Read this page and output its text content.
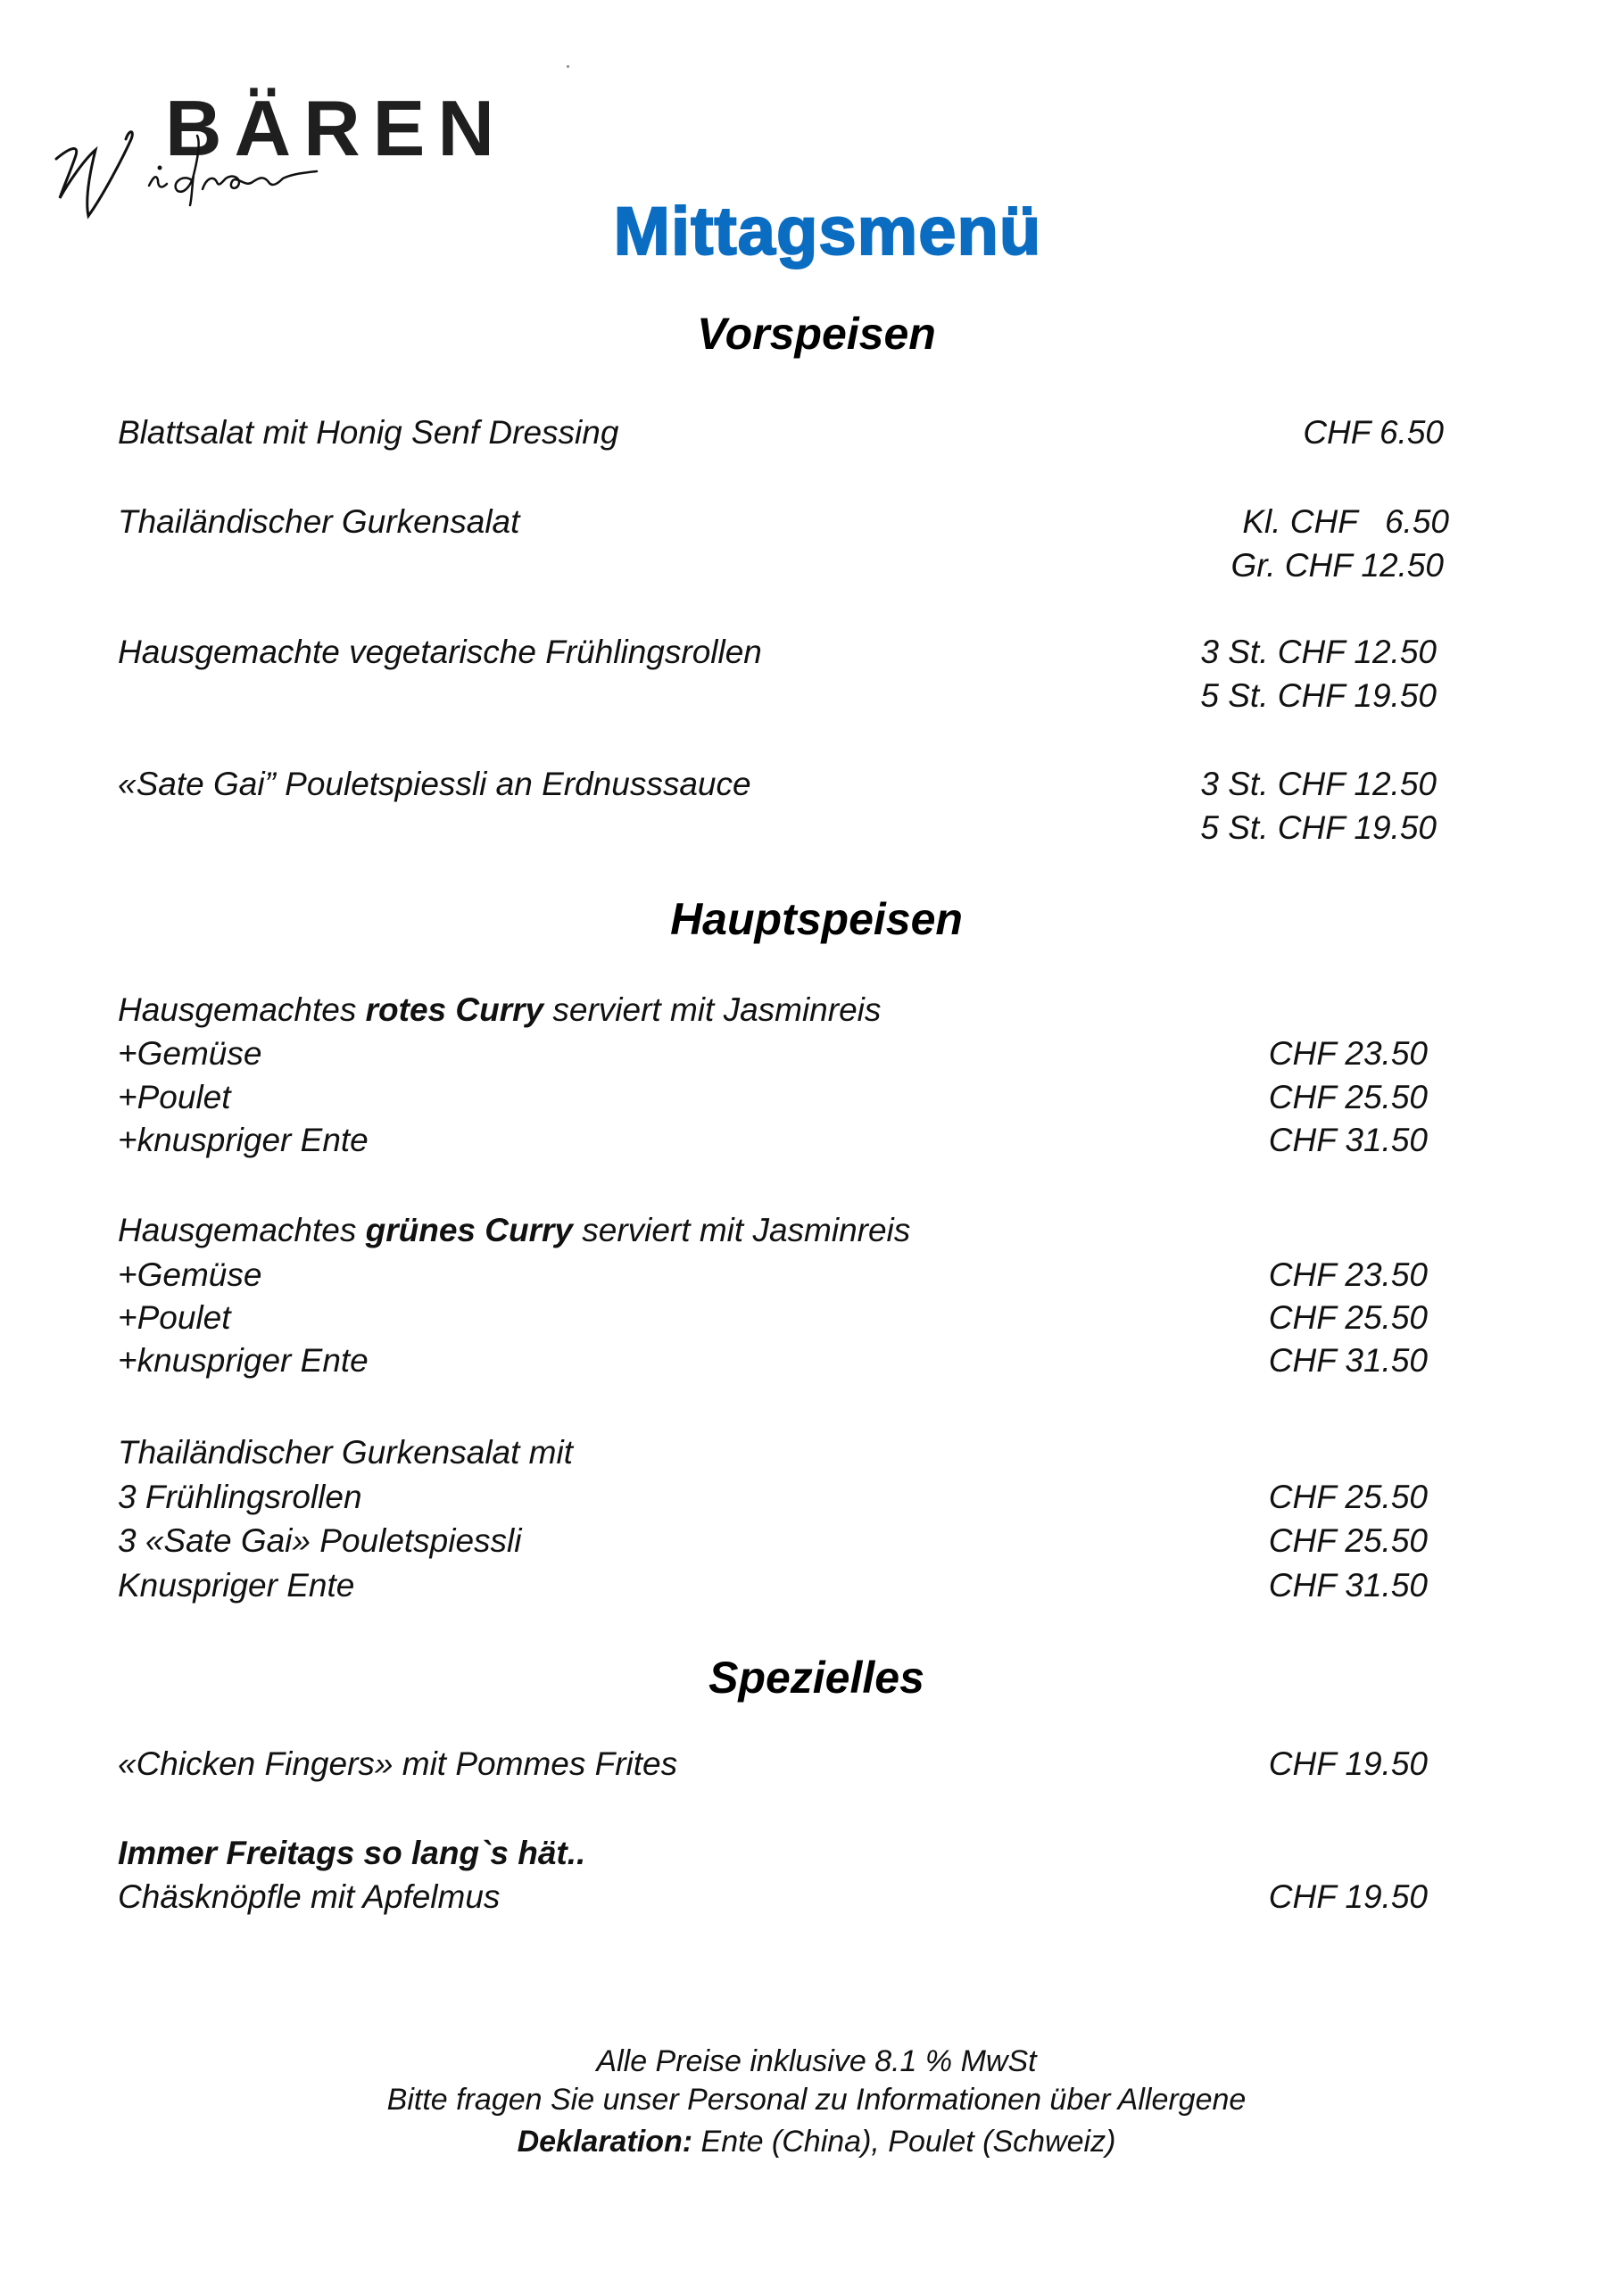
BÄREN
Mittagsmenü
Vorspeisen
Blattsalat mit Honig Senf Dressing	CHF 6.50
Thailändischer Gurkensalat	Kl. CHF   6.50
Gr. CHF 12.50
Hausgemachte vegetarische Frühlingsrollen	3 St. CHF 12.50
5 St. CHF 19.50
«Sate Gai” Pouletspiessli an Erdnusssauce	3 St. CHF 12.50
5 St. CHF 19.50
Hauptspeisen
Hausgemachtes rotes Curry serviert mit Jasminreis
+Gemüse	CHF 23.50
+Poulet	CHF 25.50
+knuspriger Ente	CHF 31.50
Hausgemachtes grünes Curry serviert mit Jasminreis
+Gemüse	CHF 23.50
+Poulet	CHF 25.50
+knuspriger Ente	CHF 31.50
Thailändischer Gurkensalat mit
3 Frühlingsrollen	CHF 25.50
3 «Sate Gai» Pouletspiessli	CHF 25.50
Knuspriger Ente	CHF 31.50
Spezielles
«Chicken Fingers» mit Pommes Frites	CHF 19.50
Immer Freitags so lang`s hät..
Chäsknöpfle mit Apfelmus	CHF 19.50
Alle Preise inklusive 8.1 % MwSt
Bitte fragen Sie unser Personal zu Informationen über Allergene
Deklaration: Ente (China), Poulet (Schweiz)
